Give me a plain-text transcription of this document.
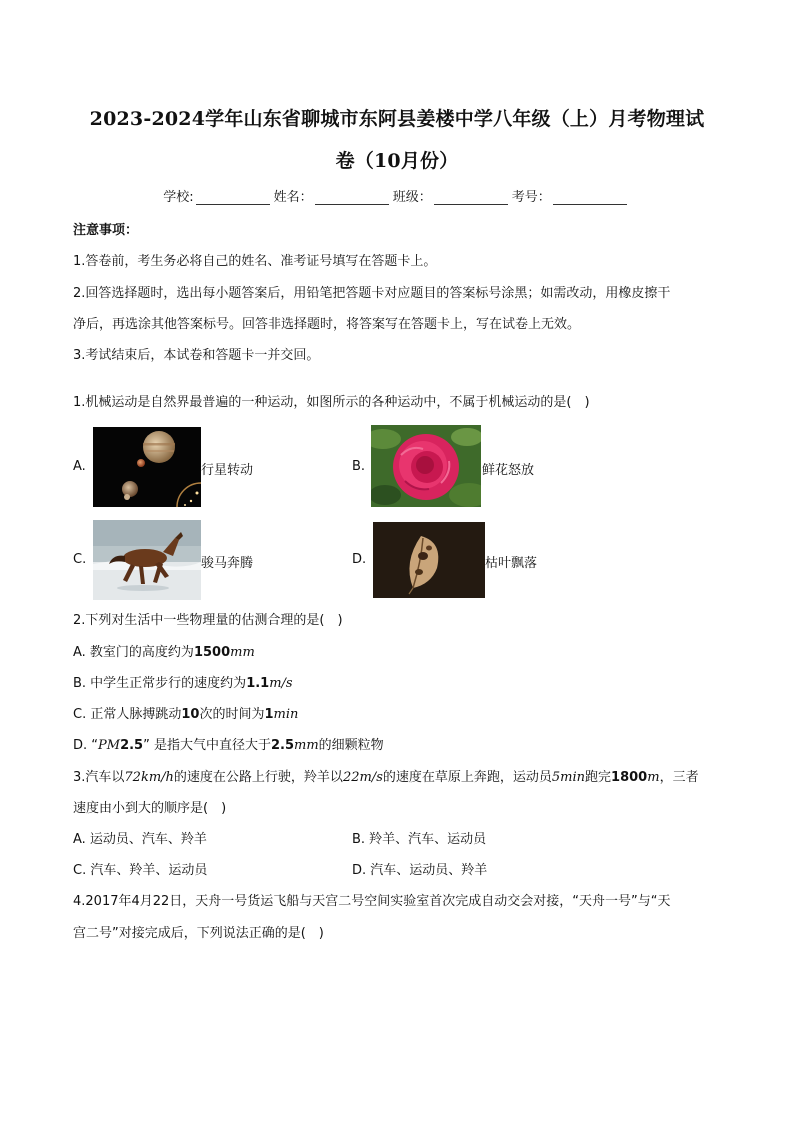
2023-2024学年山东省聊城市东阿县姜楼中学八年级（上）月考物理试
卷（10月份）
学校:	姓名：	班级：	考号：
注意事项：
1.答卷前，考生务必将自己的姓名、准考证号填写在答题卡上。
2.回答选择题时，选出每小题答案后，用铅笔把答题卡对应题目的答案标号涂黑；如需改动，用橡皮擦干
净后，再选涂其他答案标号。回答非选择题时，将答案写在答题卡上，写在试卷上无效。
3.考试结束后，本试卷和答题卡一并交回。
1.机械运动是自然界最普遍的一种运动，如图所示的各种运动中，不属于机械运动的是(　)
A.	行星转动	B.	鲜花怒放
C.	骏马奔腾	D.	枯叶飘落
2.下列对生活中一些物理量的估测合理的是(　)
A. 教室门的高度约为1500mm
B. 中学生正常步行的速度约为1.1m/s
C. 正常人脉搏跳动10次的时间为1min
D. “PM2.5” 是指大气中直径大于2.5mm的细颗粒物
3.汽车以72km/h的速度在公路上行驶，羚羊以22m/s的速度在草原上奔跑，运动员5min跑完1800m，三者
速度由小到大的顺序是(　)
A. 运动员、汽车、羚羊	B. 羚羊、汽车、运动员
C. 汽车、羚羊、运动员	D. 汽车、运动员、羚羊
4.2017年4月22日，天舟一号货运飞船与天宫二号空间实验室首次完成自动交会对接，“天舟一号”与“天
宫二号”对接完成后，下列说法正确的是(　)
